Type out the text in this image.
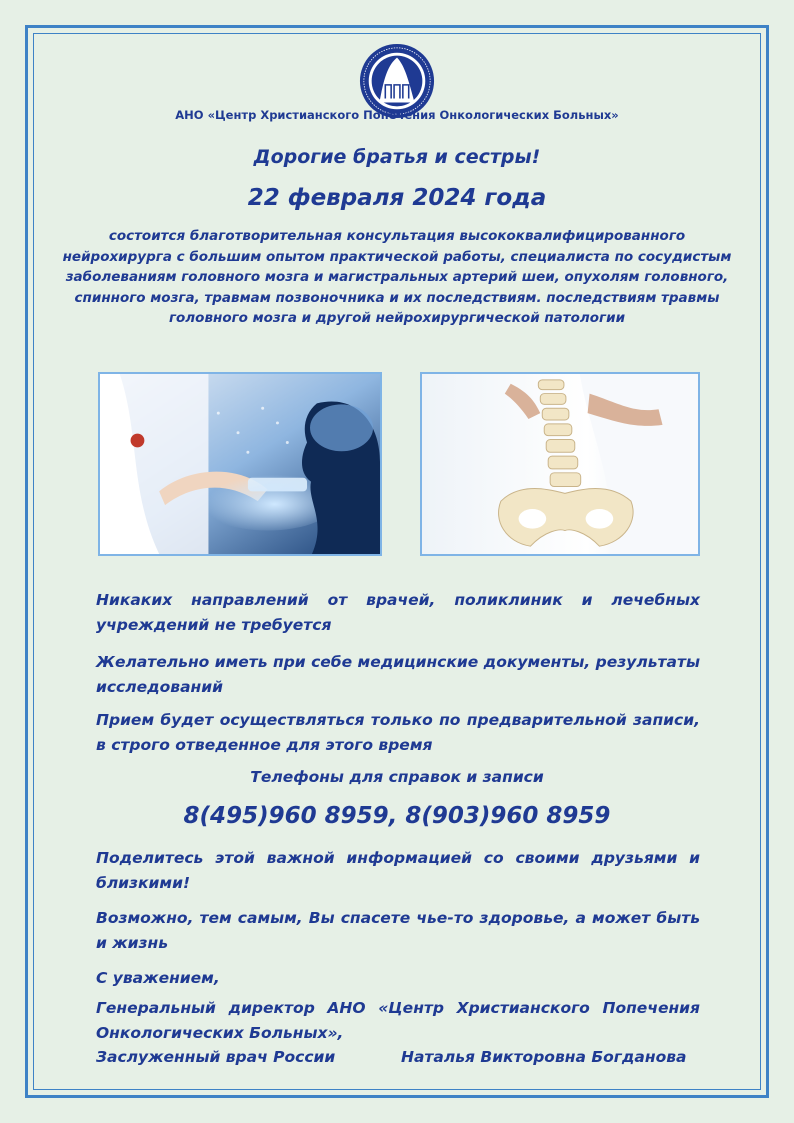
АНО «Центр Христианского Попечения Онкологических Больных»
Дорогие братья и сестры!
22 февраля 2024 года
состоится благотворительная консультация высококвалифицированного нейрохирурга с большим опытом практической работы, специалиста по сосудистым заболеваниям головного мозга и магистральных артерий шеи, опухолям головного, спинного мозга, травмам позвоночника и их последствиям. последствиям травмы головного мозга и другой нейрохирургической патологии
Никаких направлений от врачей, поликлиник и лечебных учреждений не требуется
Желательно иметь при себе медицинские документы, результаты исследований
Прием будет осуществляться только по предварительной записи, в строго отведенное для этого время
Телефоны для справок и записи
8(495)960 8959, 8(903)960 8959
Поделитесь этой важной информацией со своими друзьями и близкими!
Возможно, тем самым, Вы спасете чье-то здоровье, а может быть и жизнь
С уважением,
Генеральный директор АНО «Центр Христианского Попечения Онкологических Больных»,
Заслуженный врач России	Наталья Викторовна Богданова
